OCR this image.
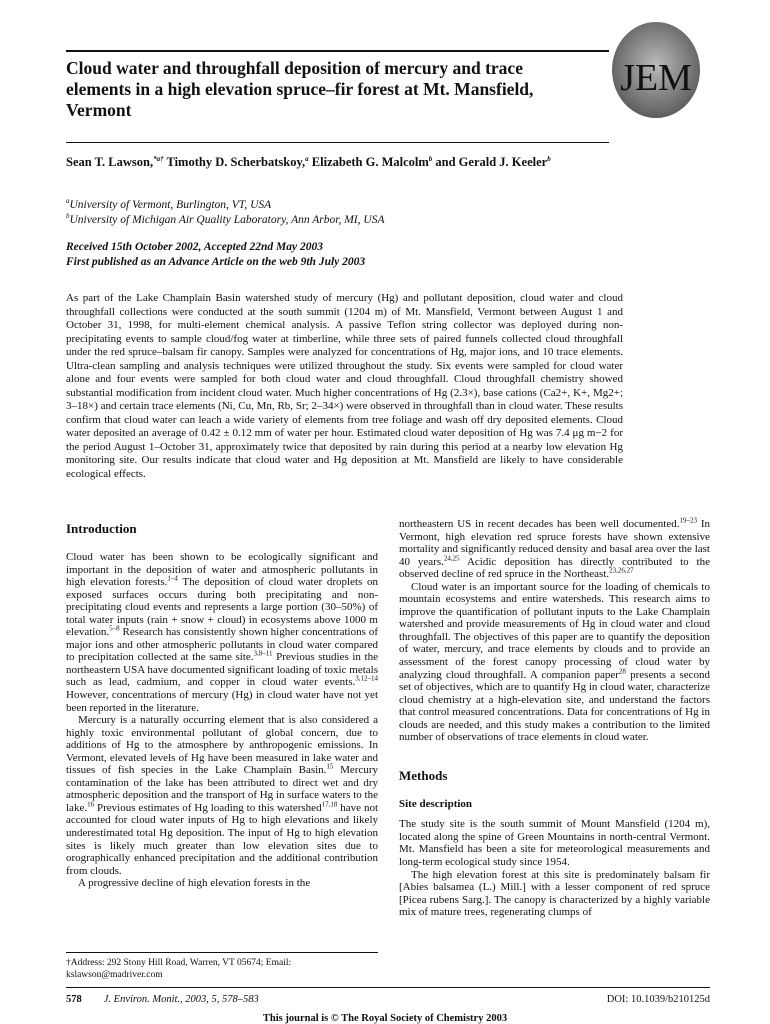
JEM
Cloud water and throughfall deposition of mercury and trace elements in a high elevation spruce–fir forest at Mt. Mansfield, Vermont
Sean T. Lawson,$^{*a\dagger}$ Timothy D. Scherbatskoy,$^a$ Elizabeth G. Malcolm$^b$ and Gerald J. Keeler$^b$
$^a$University of Vermont, Burlington, VT, USA
$^b$University of Michigan Air Quality Laboratory, Ann Arbor, MI, USA
Received 15th October 2002, Accepted 22nd May 2003
First published as an Advance Article on the web 9th July 2003
As part of the Lake Champlain Basin watershed study of mercury (Hg) and pollutant deposition, cloud water and cloud throughfall collections were conducted at the south summit (1204 m) of Mt. Mansfield, Vermont between August 1 and October 31, 1998, for multi-element chemical analysis. A passive Teflon string collector was deployed during non-precipitating events to sample cloud/fog water at timberline, while three sets of paired funnels collected cloud throughfall under the red spruce–balsam fir canopy. Samples were analyzed for concentrations of Hg, major ions, and 10 trace elements. Ultra-clean sampling and analysis techniques were utilized throughout the study. Six events were sampled for cloud water alone and four events were sampled for both cloud water and cloud throughfall. Cloud throughfall chemistry showed substantial modification from incident cloud water. Much higher concentrations of Hg (2.3×), base cations (Ca2+, K+, Mg2+; 3–18×) and certain trace elements (Ni, Cu, Mn, Rb, Sr; 2–34×) were observed in throughfall than in cloud water. These results confirm that cloud water can leach a wide variety of elements from tree foliage and wash off dry deposited elements. Cloud water deposited an average of 0.42 ± 0.12 mm of water per hour. Estimated cloud water deposition of Hg was 7.4 μg m−2 for the period August 1–October 31, approximately twice that deposited by rain during this period at a nearby low elevation Hg monitoring site. Our results indicate that cloud water and Hg deposition at Mt. Mansfield are likely to have considerable ecological effects.
Introduction

Cloud water has been shown to be ecologically significant and important in the deposition of water and atmospheric pollutants in high elevation forests.$^{1-4}$ The deposition of cloud water droplets on exposed surfaces occurs during both precipitating and non-precipitating cloud events and represents a large portion (30–50%) of total water inputs (rain + snow + cloud) in ecosystems above 1000 m elevation.$^{5-8}$ Research has consistently shown higher concentrations of major ions and other atmospheric pollutants in cloud water compared to precipitation collected at the same site.$^{3,8-11}$ Previous studies in the northeastern USA have documented significant loading of toxic metals such as lead, cadmium, and copper in cloud water events.$^{3,12-14}$ However, concentrations of mercury (Hg) in cloud water have not yet been reported in the literature.

Mercury is a naturally occurring element that is also considered a highly toxic environmental pollutant of global concern, due to additions of Hg to the atmosphere by anthropogenic emissions. In Vermont, elevated levels of Hg have been measured in lake water and tissues of fish species in the Lake Champlain Basin.$^{15}$ Mercury contamination of the lake has been attributed to direct wet and dry atmospheric deposition and the transport of Hg in surface waters to the lake.$^{16}$ Previous estimates of Hg loading to this watershed$^{17,18}$ have not accounted for cloud water inputs of Hg to high elevations and likely underestimated total Hg deposition. The input of Hg to high elevation sites is likely much greater than low elevation sites due to orographically enhanced precipitation and the additional contribution from clouds.

A progressive decline of high elevation forests in the

†Address: 292 Stony Hill Road, Warren, VT 05674; Email: kslawson@madriver.com

northeastern US in recent decades has been well documented.$^{19-23}$ In Vermont, high elevation red spruce forests have shown extensive mortality and significantly reduced density and basal area over the last 40 years.$^{24,25}$ Acidic deposition has directly contributed to the observed decline of red spruce in the Northeast.$^{23,26,27}$

Cloud water is an important source for the loading of chemicals to mountain ecosystems and entire watersheds. This research aims to improve the quantification of pollutant inputs to the Lake Champlain watershed and provide measurements of Hg in cloud water and cloud throughfall. The objectives of this paper are to quantify the deposition of water, mercury, and trace elements by clouds and to provide an assessment of the forest canopy processing of cloud water by analyzing cloud throughfall. A companion paper$^{28}$ presents a second set of objectives, which are to quantify Hg in cloud water, characterize cloud chemistry at a high-elevation site, and understand the factors that control measured concentrations. Data for concentrations of Hg in clouds are needed, and this study makes a contribution to the limited number of observations of trace elements in cloud water.

Methods
Site description

The study site is the south summit of Mount Mansfield (1204 m), located along the spine of Green Mountains in north-central Vermont. Mt. Mansfield has been a site for meteorological measurements and long-term ecological study since 1954.

The high elevation forest at this site is predominately balsam fir [Abies balsamea (L.) Mill.] with a lesser component of red spruce [Picea rubens Sarg.]. The canopy is characterized by a highly variable mix of mature trees, regenerating clumps of

578 J. Environ. Monit., 2003, 5, 578–583	DOI: 10.1039/b210125d
This journal is © The Royal Society of Chemistry 2003
